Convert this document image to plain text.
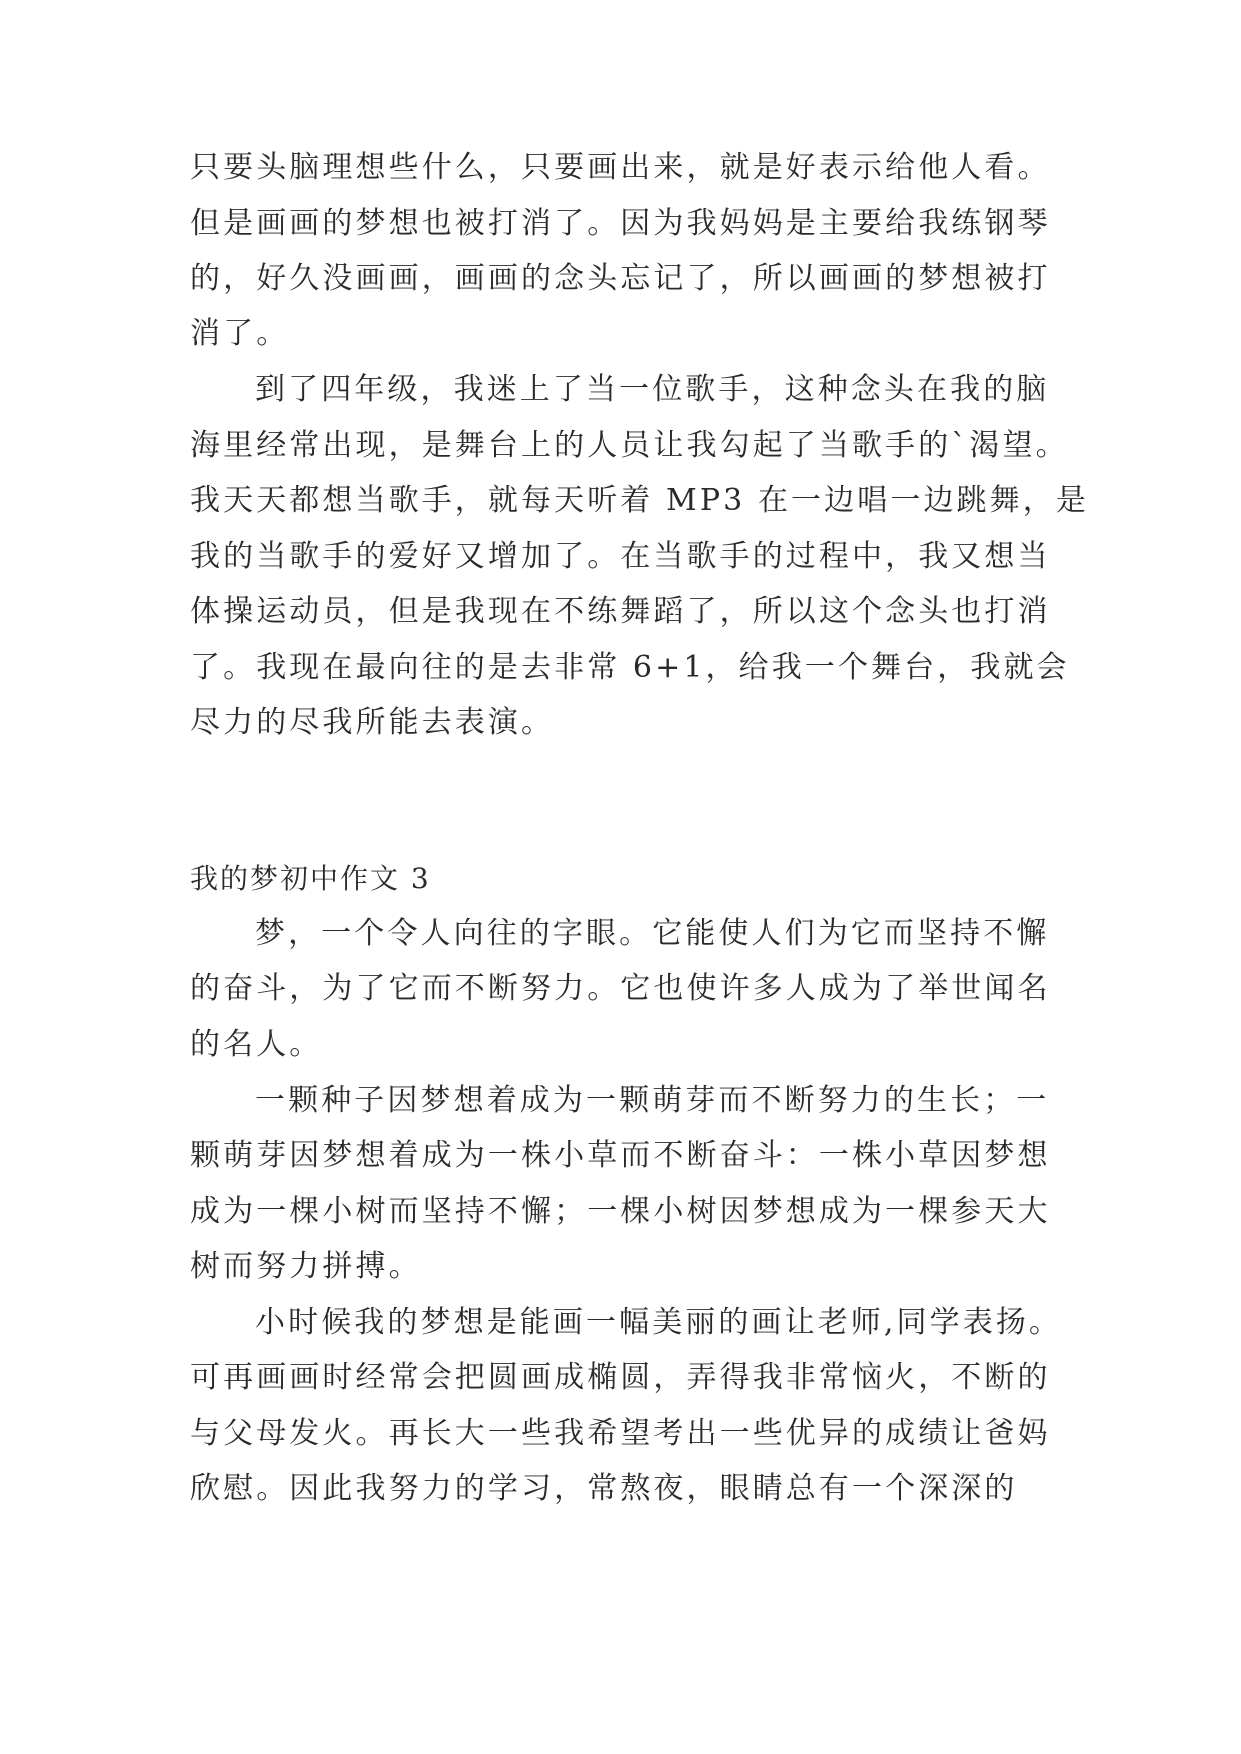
只要头脑理想些什么，只要画出来，就是好表示给他人看。
但是画画的梦想也被打消了。因为我妈妈是主要给我练钢琴
的，好久没画画，画画的念头忘记了，所以画画的梦想被打
消了。
到了四年级，我迷上了当一位歌手，这种念头在我的脑
海里经常出现，是舞台上的人员让我勾起了当歌手的`渴望。
我天天都想当歌手，就每天听着 MP3 在一边唱一边跳舞，是
我的当歌手的爱好又增加了。在当歌手的过程中，我又想当
体操运动员，但是我现在不练舞蹈了，所以这个念头也打消
了。我现在最向往的是去非常 6+1，给我一个舞台，我就会
尽力的尽我所能去表演。
我的梦初中作文 3
梦，一个令人向往的字眼。它能使人们为它而坚持不懈
的奋斗，为了它而不断努力。它也使许多人成为了举世闻名
的名人。
一颗种子因梦想着成为一颗萌芽而不断努力的生长；一
颗萌芽因梦想着成为一株小草而不断奋斗：一株小草因梦想
成为一棵小树而坚持不懈；一棵小树因梦想成为一棵参天大
树而努力拼搏。
小时候我的梦想是能画一幅美丽的画让老师,同学表扬。
可再画画时经常会把圆画成椭圆，弄得我非常恼火，不断的
与父母发火。再长大一些我希望考出一些优异的成绩让爸妈
欣慰。因此我努力的学习，常熬夜，眼睛总有一个深深的
